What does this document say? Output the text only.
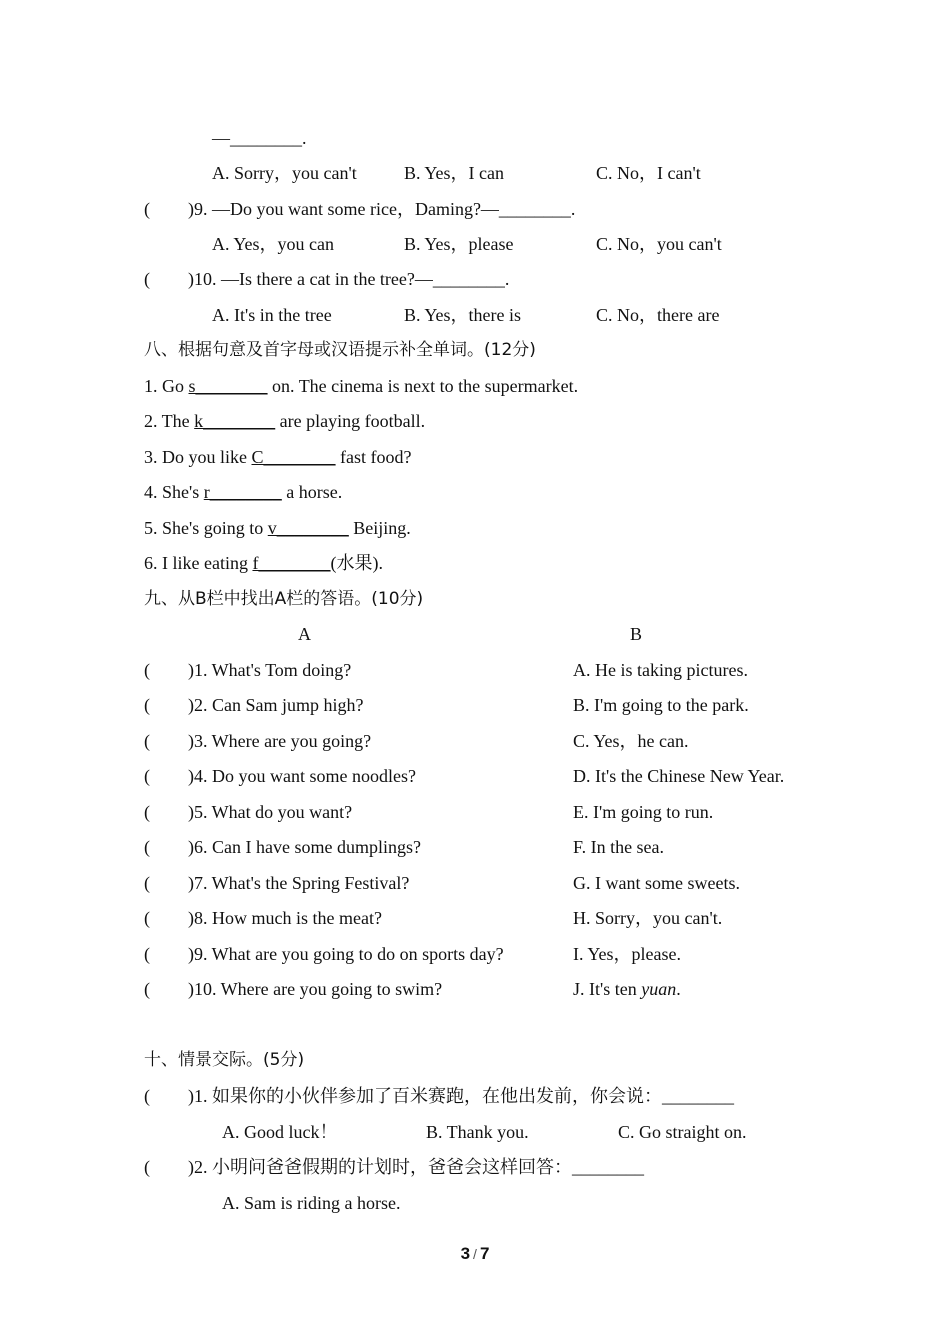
—________.
A. Sorry，you can't	B. Yes，I can	C. No，I can't
( )9. —Do you want some rice，Daming?—________.
A. Yes，you can	B. Yes，please	C. No，you can't
( )10. —Is there a cat in the tree?—________.
A. It's in the tree	B. Yes，there is	C. No，there are
八、根据句意及首字母或汉语提示补全单词。(12分)
1. Go s________ on. The cinema is next to the supermarket.
2. The k________ are playing football.
3. Do you like C________ fast food?
4. She's r________ a horse.
5. She's going to v________ Beijing.
6. I like eating f________(水果).
九、从B栏中找出A栏的答语。(10分)
A	B
( )1. What's Tom doing?	A. He is taking pictures.
( )2. Can Sam jump high?	B. I'm going to the park.
( )3. Where are you going?	C. Yes，he can.
( )4. Do you want some noodles?	D. It's the Chinese New Year.
( )5. What do you want?	E. I'm going to run.
( )6. Can I have some dumplings?	F. In the sea.
( )7. What's the Spring Festival?	G. I want some sweets.
( )8. How much is the meat?	H. Sorry，you can't.
( )9. What are you going to do on sports day?	I. Yes，please.
( )10. Where are you going to swim?	J. It's ten yuan.
十、情景交际。(5分)
( )1. 如果你的小伙伴参加了百米赛跑，在他出发前，你会说：________
A. Good luck！	B. Thank you.	C. Go straight on.
( )2. 小明问爸爸假期的计划时，爸爸会这样回答：________
A. Sam is riding a horse.
3 / 7
